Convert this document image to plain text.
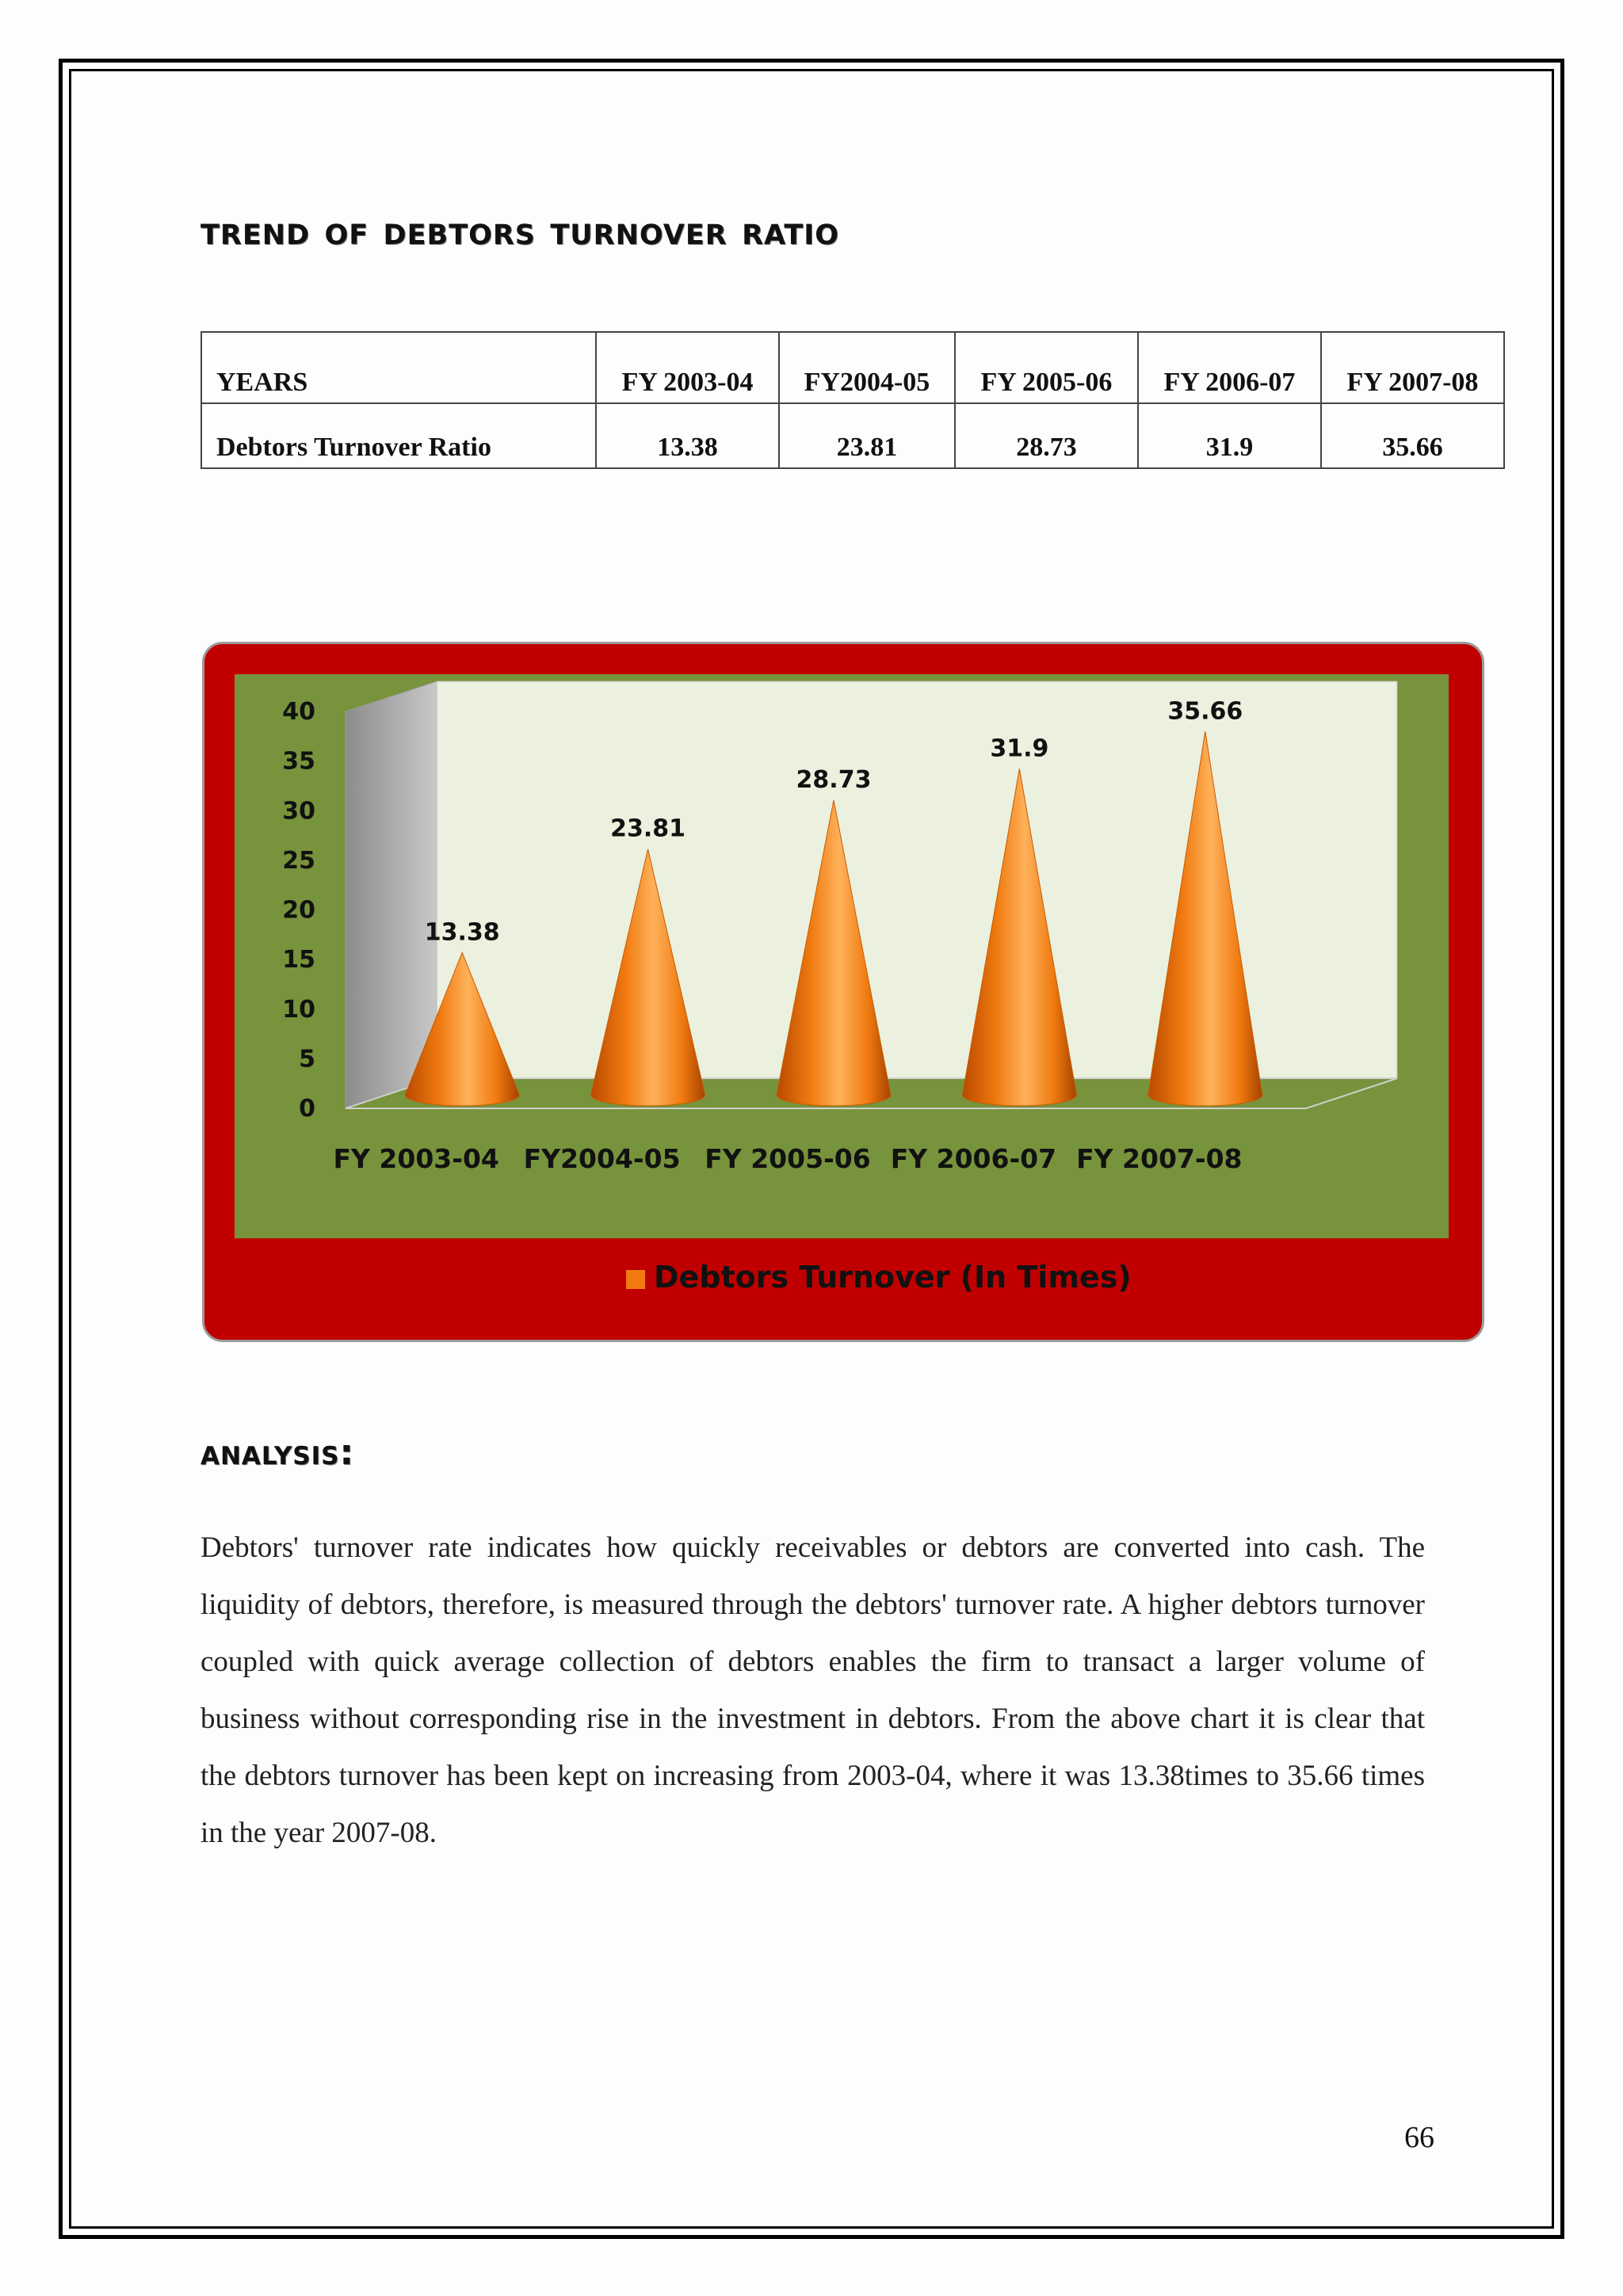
trend of debtors turnover ratio
YEARS	FY 2003-04	FY2004-05	FY 2005-06	FY 2006-07	FY 2007-08
Debtors Turnover Ratio	13.38	23.81	28.73	31.9	35.66
0
5
10
15
20
25
30
35
40
13.38
FY 2003-04
23.81
FY2004-05
28.73
FY 2005-06
31.9
FY 2006-07
35.66
FY 2007-08
Debtors Turnover (In Times)
analysis:

Debtors' turnover rate indicates how quickly receivables or debtors are converted into cash. The liquidity of debtors, therefore, is measured through the debtors' turnover rate. A higher debtors turnover coupled with quick average collection of debtors enables the firm to transact a larger volume of business without corresponding rise in the investment in debtors. From the above chart it is clear that the debtors turnover has been kept on increasing from 2003-04, where it was 13.38times to 35.66 times in the year 2007-08.

66
